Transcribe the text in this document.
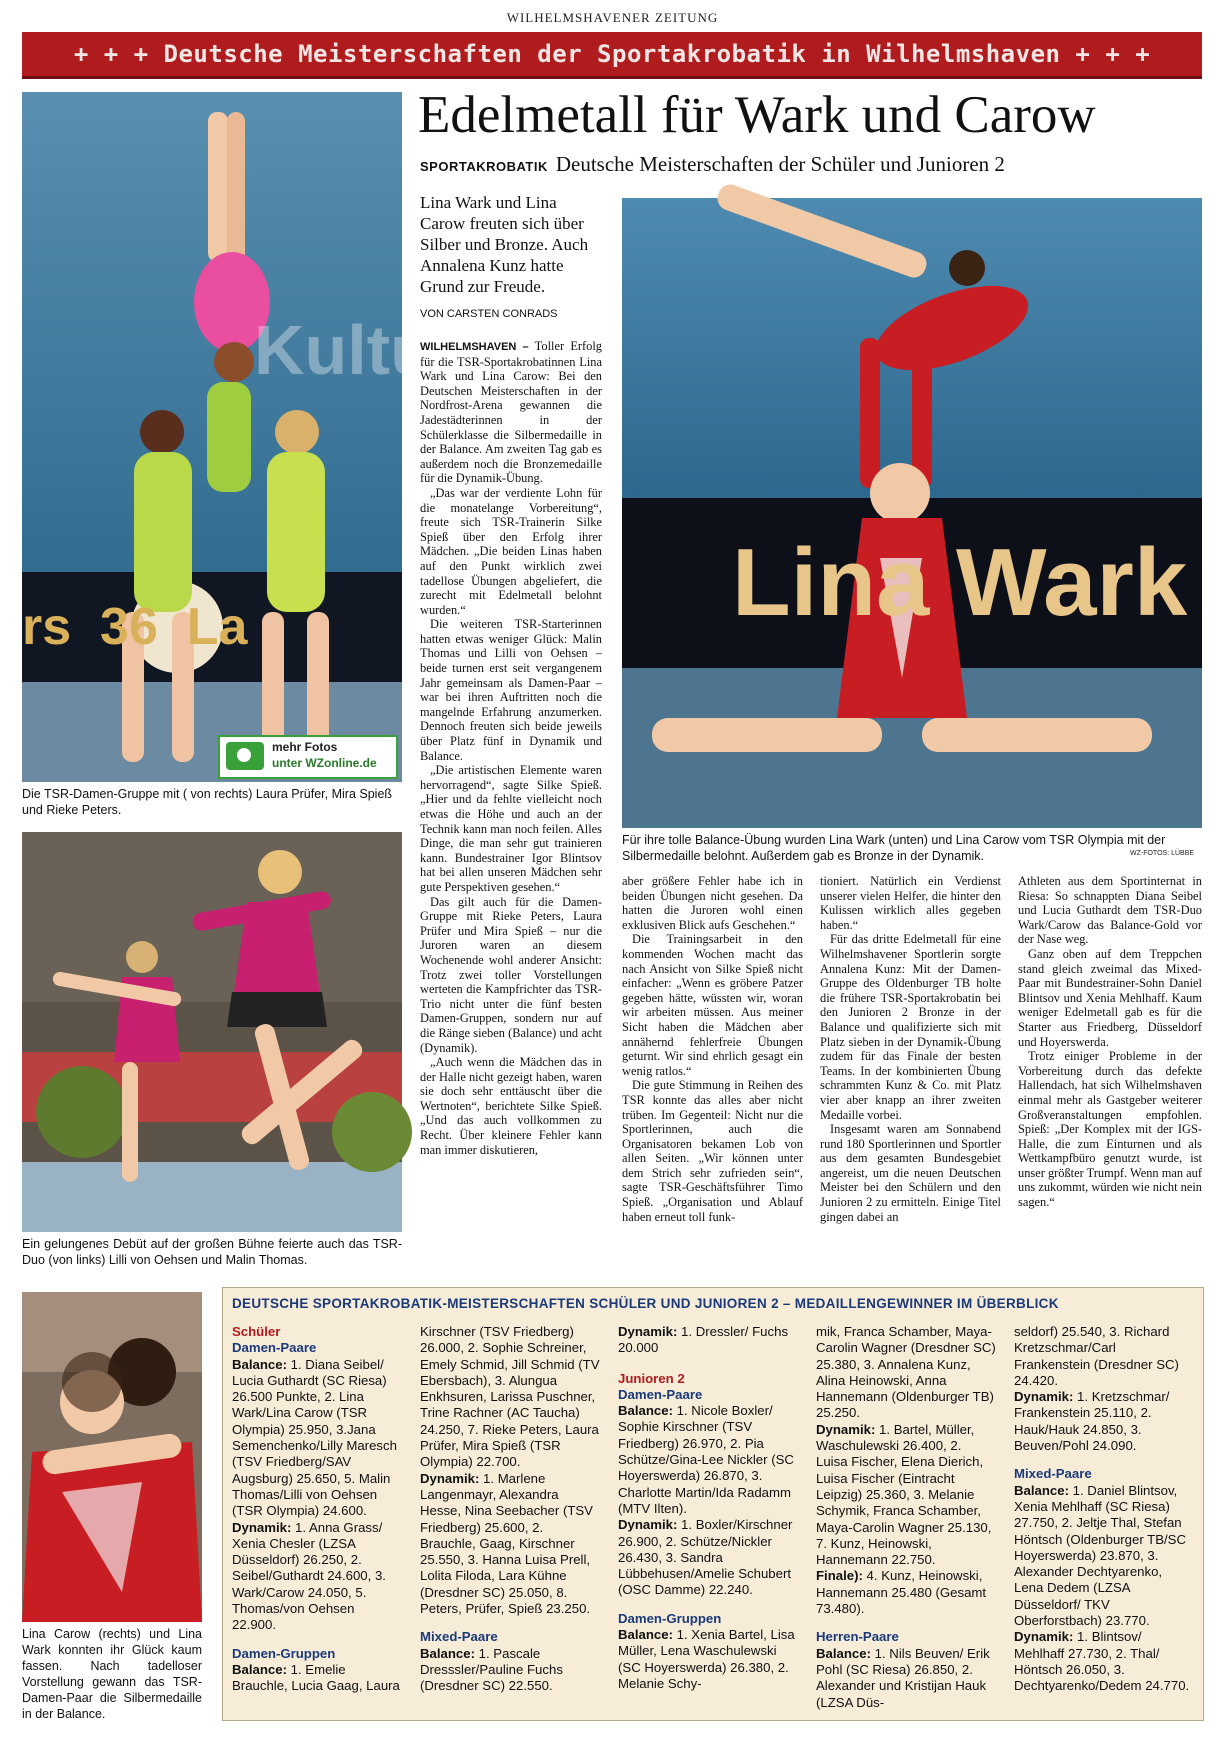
WILHELMSHAVENER ZEITUNG
+ + + Deutsche Meisterschaften der Sportakrobatik in Wilhelmshaven + + +
Kultu
rs  36  La
mehr Fotos
unter WZonline.de
Die TSR-Damen-Gruppe mit ( von rechts) Laura Prüfer, Mira Spieß und Rieke Peters.
Edelmetall für Wark und Carow
SPORTAKROBATIK Deutsche Meisterschaften der Schüler und Junioren 2
Lina Wark und Lina Carow freuten sich über Silber und Bronze. Auch Annalena Kunz hatte Grund zur Freude.
VON CARSTEN CONRADS

WILHELMSHAVEN – Toller Erfolg für die TSR-Sportakrobatinnen Lina Wark und Lina Carow: Bei den Deutschen Meisterschaften in der Nordfrost-Arena gewannen die Jadestädterinnen in der Schülerklasse die Silbermedaille in der Balance. Am zweiten Tag gab es außerdem noch die Bronzemedaille für die Dynamik-Übung.

„Das war der verdiente Lohn für die monatelange Vorbereitung“, freute sich TSR-Trainerin Silke Spieß über den Erfolg ihrer Mädchen. „Die beiden Linas haben auf den Punkt wirklich zwei tadellose Übungen abgeliefert, die zurecht mit Edelmetall belohnt wurden.“

Die weiteren TSR-Starterinnen hatten etwas weniger Glück: Malin Thomas und Lilli von Oehsen – beide turnen erst seit vergangenem Jahr gemeinsam als Damen-Paar – war bei ihren Auftritten noch die mangelnde Erfahrung anzumerken. Dennoch freuten sich beide jeweils über Platz fünf in Dynamik und Balance.

„Die artistischen Elemente waren hervorragend“, sagte Silke Spieß. „Hier und da fehlte vielleicht noch etwas die Höhe und auch an der Technik kann man noch feilen. Alles Dinge, die man sehr gut trainieren kann. Bundestrainer Igor Blintsov hat bei allen unseren Mädchen sehr gute Perspektiven gesehen.“

Das gilt auch für die Damen-Gruppe mit Rieke Peters, Laura Prüfer und Mira Spieß – nur die Juroren waren an diesem Wochenende wohl anderer Ansicht: Trotz zwei toller Vorstellungen werteten die Kampfrichter das TSR-Trio nicht unter die fünf besten Damen-Gruppen, sondern nur auf die Ränge sieben (Balance) und acht (Dynamik).

„Auch wenn die Mädchen das in der Halle nicht gezeigt haben, waren sie doch sehr enttäuscht über die Wertnoten“, berichtete Silke Spieß. „Und das auch vollkommen zu Recht. Über kleinere Fehler kann man immer diskutieren,

Lina Wark
Für ihre tolle Balance-Übung wurden Lina Wark (unten) und Lina Carow vom TSR Olympia mit der Silbermedaille belohnt. Außerdem gab es Bronze in der Dynamik.	WZ-FOTOS: LÜBBE
Ein gelungenes Debüt auf der großen Bühne feierte auch das TSR-Duo (von links) Lilli von Oehsen und Malin Thomas.

aber größere Fehler habe ich in beiden Übungen nicht gesehen. Da hatten die Juroren wohl einen exklusiven Blick aufs Geschehen.“

Die Trainingsarbeit in den kommenden Wochen macht das nach Ansicht von Silke Spieß nicht einfacher: „Wenn es gröbere Patzer gegeben hätte, wüssten wir, woran wir arbeiten müssen. Aus meiner Sicht haben die Mädchen aber annähernd fehlerfreie Übungen geturnt. Wir sind ehrlich gesagt ein wenig ratlos.“

Die gute Stimmung in Reihen des TSR konnte das alles aber nicht trüben. Im Gegenteil: Nicht nur die Sportlerinnen, auch die Organisatoren bekamen Lob von allen Seiten. „Wir können unter dem Strich sehr zufrieden sein“, sagte TSR-Geschäftsführer Timo Spieß. „Organisation und Ablauf haben erneut toll funk-

tioniert. Natürlich ein Verdienst unserer vielen Helfer, die hinter den Kulissen wirklich alles gegeben haben.“

Für das dritte Edelmetall für eine Wilhelmshavener Sportlerin sorgte Annalena Kunz: Mit der Damen-Gruppe des Oldenburger TB holte die frühere TSR-Sportakrobatin bei den Junioren 2 Bronze in der Balance und qualifizierte sich mit Platz sieben in der Dynamik-Übung zudem für das Finale der besten Teams. In der kombinierten Übung schrammten Kunz & Co. mit Platz vier aber knapp an ihrer zweiten Medaille vorbei.

Insgesamt waren am Sonnabend rund 180 Sportlerinnen und Sportler aus dem gesamten Bundesgebiet angereist, um die neuen Deutschen Meister bei den Schülern und den Junioren 2 zu ermitteln. Einige Titel gingen dabei an

Athleten aus dem Sportinternat in Riesa: So schnappten Diana Seibel und Lucia Guthardt dem TSR-Duo Wark/Carow das Balance-Gold vor der Nase weg.

Ganz oben auf dem Treppchen stand gleich zweimal das Mixed-Paar mit Bundestrainer-Sohn Daniel Blintsov und Xenia Mehlhaff. Kaum weniger Edelmetall gab es für die Starter aus Friedberg, Düsseldorf und Hoyerswerda.

Trotz einiger Probleme in der Vorbereitung durch das defekte Hallendach, hat sich Wilhelmshaven einmal mehr als Gastgeber weiterer Großveranstaltungen empfohlen. Spieß: „Der Komplex mit der IGS-Halle, die zum Einturnen und als Wettkampfbüro genutzt wurde, ist unser größter Trumpf. Wenn man auf uns zukommt, würden wie nicht nein sagen.“

Lina Carow (rechts) und Lina Wark konnten ihr Glück kaum fassen. Nach tadelloser Vorstellung gewann das TSR-Damen-Paar die Silbermedaille in der Balance.
DEUTSCHE SPORTAKROBATIK-MEISTERSCHAFTEN SCHÜLER UND JUNIOREN 2 – MEDAILLENGEWINNER IM ÜBERBLICK
Schüler
Damen-Paare
Balance: 1. Diana Seibel/ Lucia Guthardt (SC Riesa) 26.500 Punkte, 2. Lina Wark/Lina Carow (TSR Olympia) 25.950, 3.Jana Semenchenko/Lilly Maresch (TSV Friedberg/SAV Augsburg) 25.650, 5. Malin Thomas/Lilli von Oehsen (TSR Olympia) 24.600.
Dynamik: 1. Anna Grass/ Xenia Chesler (LZSA Düsseldorf) 26.250, 2. Seibel/Guthardt 24.600, 3. Wark/Carow 24.050, 5. Thomas/von Oehsen 22.900.
Damen-Gruppen
Balance: 1. Emelie Brauchle, Lucia Gaag, Laura
Kirschner (TSV Friedberg) 26.000, 2. Sophie Schreiner, Emely Schmid, Jill Schmid (TV Ebersbach), 3. Alungua Enkhsuren, Larissa Puschner, Trine Rachner (AC Taucha) 24.250, 7. Rieke Peters, Laura Prüfer, Mira Spieß (TSR Olympia) 22.700.
Dynamik: 1. Marlene Langenmayr, Alexandra Hesse, Nina Seebacher (TSV Friedberg) 25.600, 2. Brauchle, Gaag, Kirschner 25.550, 3. Hanna Luisa Prell, Lolita Filoda, Lara Kühne (Dresdner SC) 25.050, 8. Peters, Prüfer, Spieß 23.250.
Mixed-Paare
Balance: 1. Pascale Dresssler/Pauline Fuchs (Dresdner SC) 22.550.
Dynamik: 1. Dressler/ Fuchs 20.000
Junioren 2
Damen-Paare
Balance: 1. Nicole Boxler/ Sophie Kirschner (TSV Friedberg) 26.970, 2. Pia Schütze/Gina-Lee Nickler (SC Hoyerswerda) 26.870, 3. Charlotte Martin/Ida Radamm (MTV Ilten).
Dynamik: 1. Boxler/Kirschner 26.900, 2. Schütze/Nickler 26.430, 3. Sandra Lübbehusen/Amelie Schubert (OSC Damme) 22.240.
Damen-Gruppen
Balance: 1. Xenia Bartel, Lisa Müller, Lena Waschulewski (SC Hoyerswerda) 26.380, 2. Melanie Schy-
mik, Franca Schamber, Maya-Carolin Wagner (Dresdner SC) 25.380, 3. Annalena Kunz, Alina Heinowski, Anna Hannemann (Oldenburger TB) 25.250.
Dynamik: 1. Bartel, Müller, Waschulewski 26.400, 2. Luisa Fischer, Elena Dierich, Luisa Fischer (Eintracht Leipzig) 25.360, 3. Melanie Schymik, Franca Schamber, Maya-Carolin Wagner 25.130, 7. Kunz, Heinowski, Hannemann 22.750.
Finale): 4. Kunz, Heinowski, Hannemann 25.480 (Gesamt 73.480).
Herren-Paare
Balance: 1. Nils Beuven/ Erik Pohl (SC Riesa) 26.850, 2. Alexander und Kristijan Hauk (LZSA Düs-
seldorf) 25.540, 3. Richard Kretzschmar/Carl Frankenstein (Dresdner SC) 24.420.
Dynamik: 1. Kretzschmar/ Frankenstein 25.110, 2. Hauk/Hauk 24.850, 3. Beuven/Pohl 24.090.
Mixed-Paare
Balance: 1. Daniel Blintsov, Xenia Mehlhaff (SC Riesa) 27.750, 2. Jeltje Thal, Stefan Höntsch (Oldenburger TB/SC Hoyerswerda) 23.870, 3. Alexander Dechtyarenko, Lena Dedem (LZSA Düsseldorf/ TKV Oberforstbach) 23.770.
Dynamik: 1. Blintsov/ Mehlhaff 27.730, 2. Thal/ Höntsch 26.050, 3. Dechtyarenko/Dedem 24.770.
